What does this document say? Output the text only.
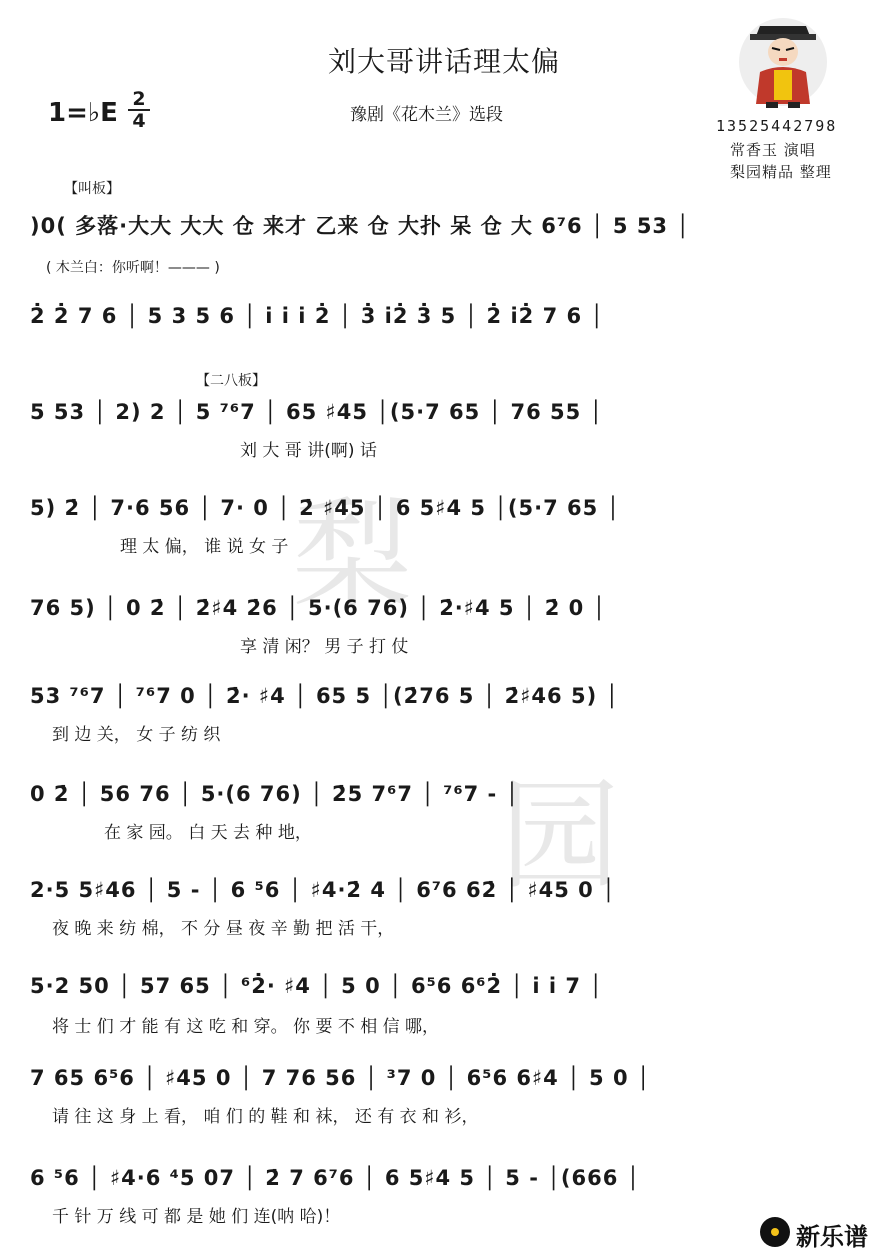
梨
园
刘大哥讲话理太偏
1=♭E 2
4	豫剧《花木兰》选段
13525442798
常香玉 演唱
梨园精品 整理
【叫板】
( 木兰白：你听啊！——— )
【二八板】
)0( 多落·大大 大大 仓 来才 乙来 仓 大扑 呆 仓 大 6⁷6 │ 5 53 │
2̇ 2̇ 7 6 │ 5 3 5 6 │ i i i 2̇ │ 3̇ i2̇ 3̇ 5 │ 2̇ i2̇ 7 6 │
5 53 │ 2) 2 │ 5 ⁷⁶7 │ 65 ♯45 │(5·7 65 │ 76 55 │
刘 大 哥 讲(啊) 话
5) 2̇ │ 7·6 56 │ 7· 0 │ 2̇ ♯45 │ 6 5♯4 5 │(5·7 65 │
理 太 偏， 谁 说 女 子
76 5) │ 0 2̇ │ 2̇♯4 2̇6 │ 5·(6 76) │ 2̇·♯4 5 │ 2̇ 0 │
享 清 闲？ 男 子 打 仗
53 ⁷⁶7 │ ⁷⁶7 0 │ 2̇· ♯4 │ 65 5 │(2̇76 5 │ 2̇♯46 5) │
到 边 关， 女 子 纺 织
0 2̇ │ 56 76 │ 5·(6 76) │ 2̇5 7⁶7 │ ⁷⁶7 - │
在 家 园。 白 天 去 种 地，
2·5 5♯46 │ 5 - │ 6 ⁵6 │ ♯4·2̇ 4 │ 6⁷6 62̇ │ ♯45 0 │
夜 晚 来 纺 棉， 不 分 昼 夜 辛 勤 把 活 干，
5·2 50 │ 57 65 │ ⁶2̇· ♯4 │ 5 0 │ 6⁵6 6⁶2̇ │ i i 7 │
将 士 们 才 能 有 这 吃 和 穿。 你 要 不 相 信 哪，
7 65 6⁵6 │ ♯45 0 │ 7 76 56 │ ³7 0 │ 6⁵6 6♯4 │ 5 0 │
请 往 这 身 上 看， 咱 们 的 鞋 和 袜， 还 有 衣 和 衫，
6 ⁵6 │ ♯4·6 ⁴5 07 │ 2̇ 7 6⁷6 │ 6 5♯4 5 │ 5 - │(666 │
千 针 万 线 可 都 是 她 们 连(呐 哈)！
新乐谱
